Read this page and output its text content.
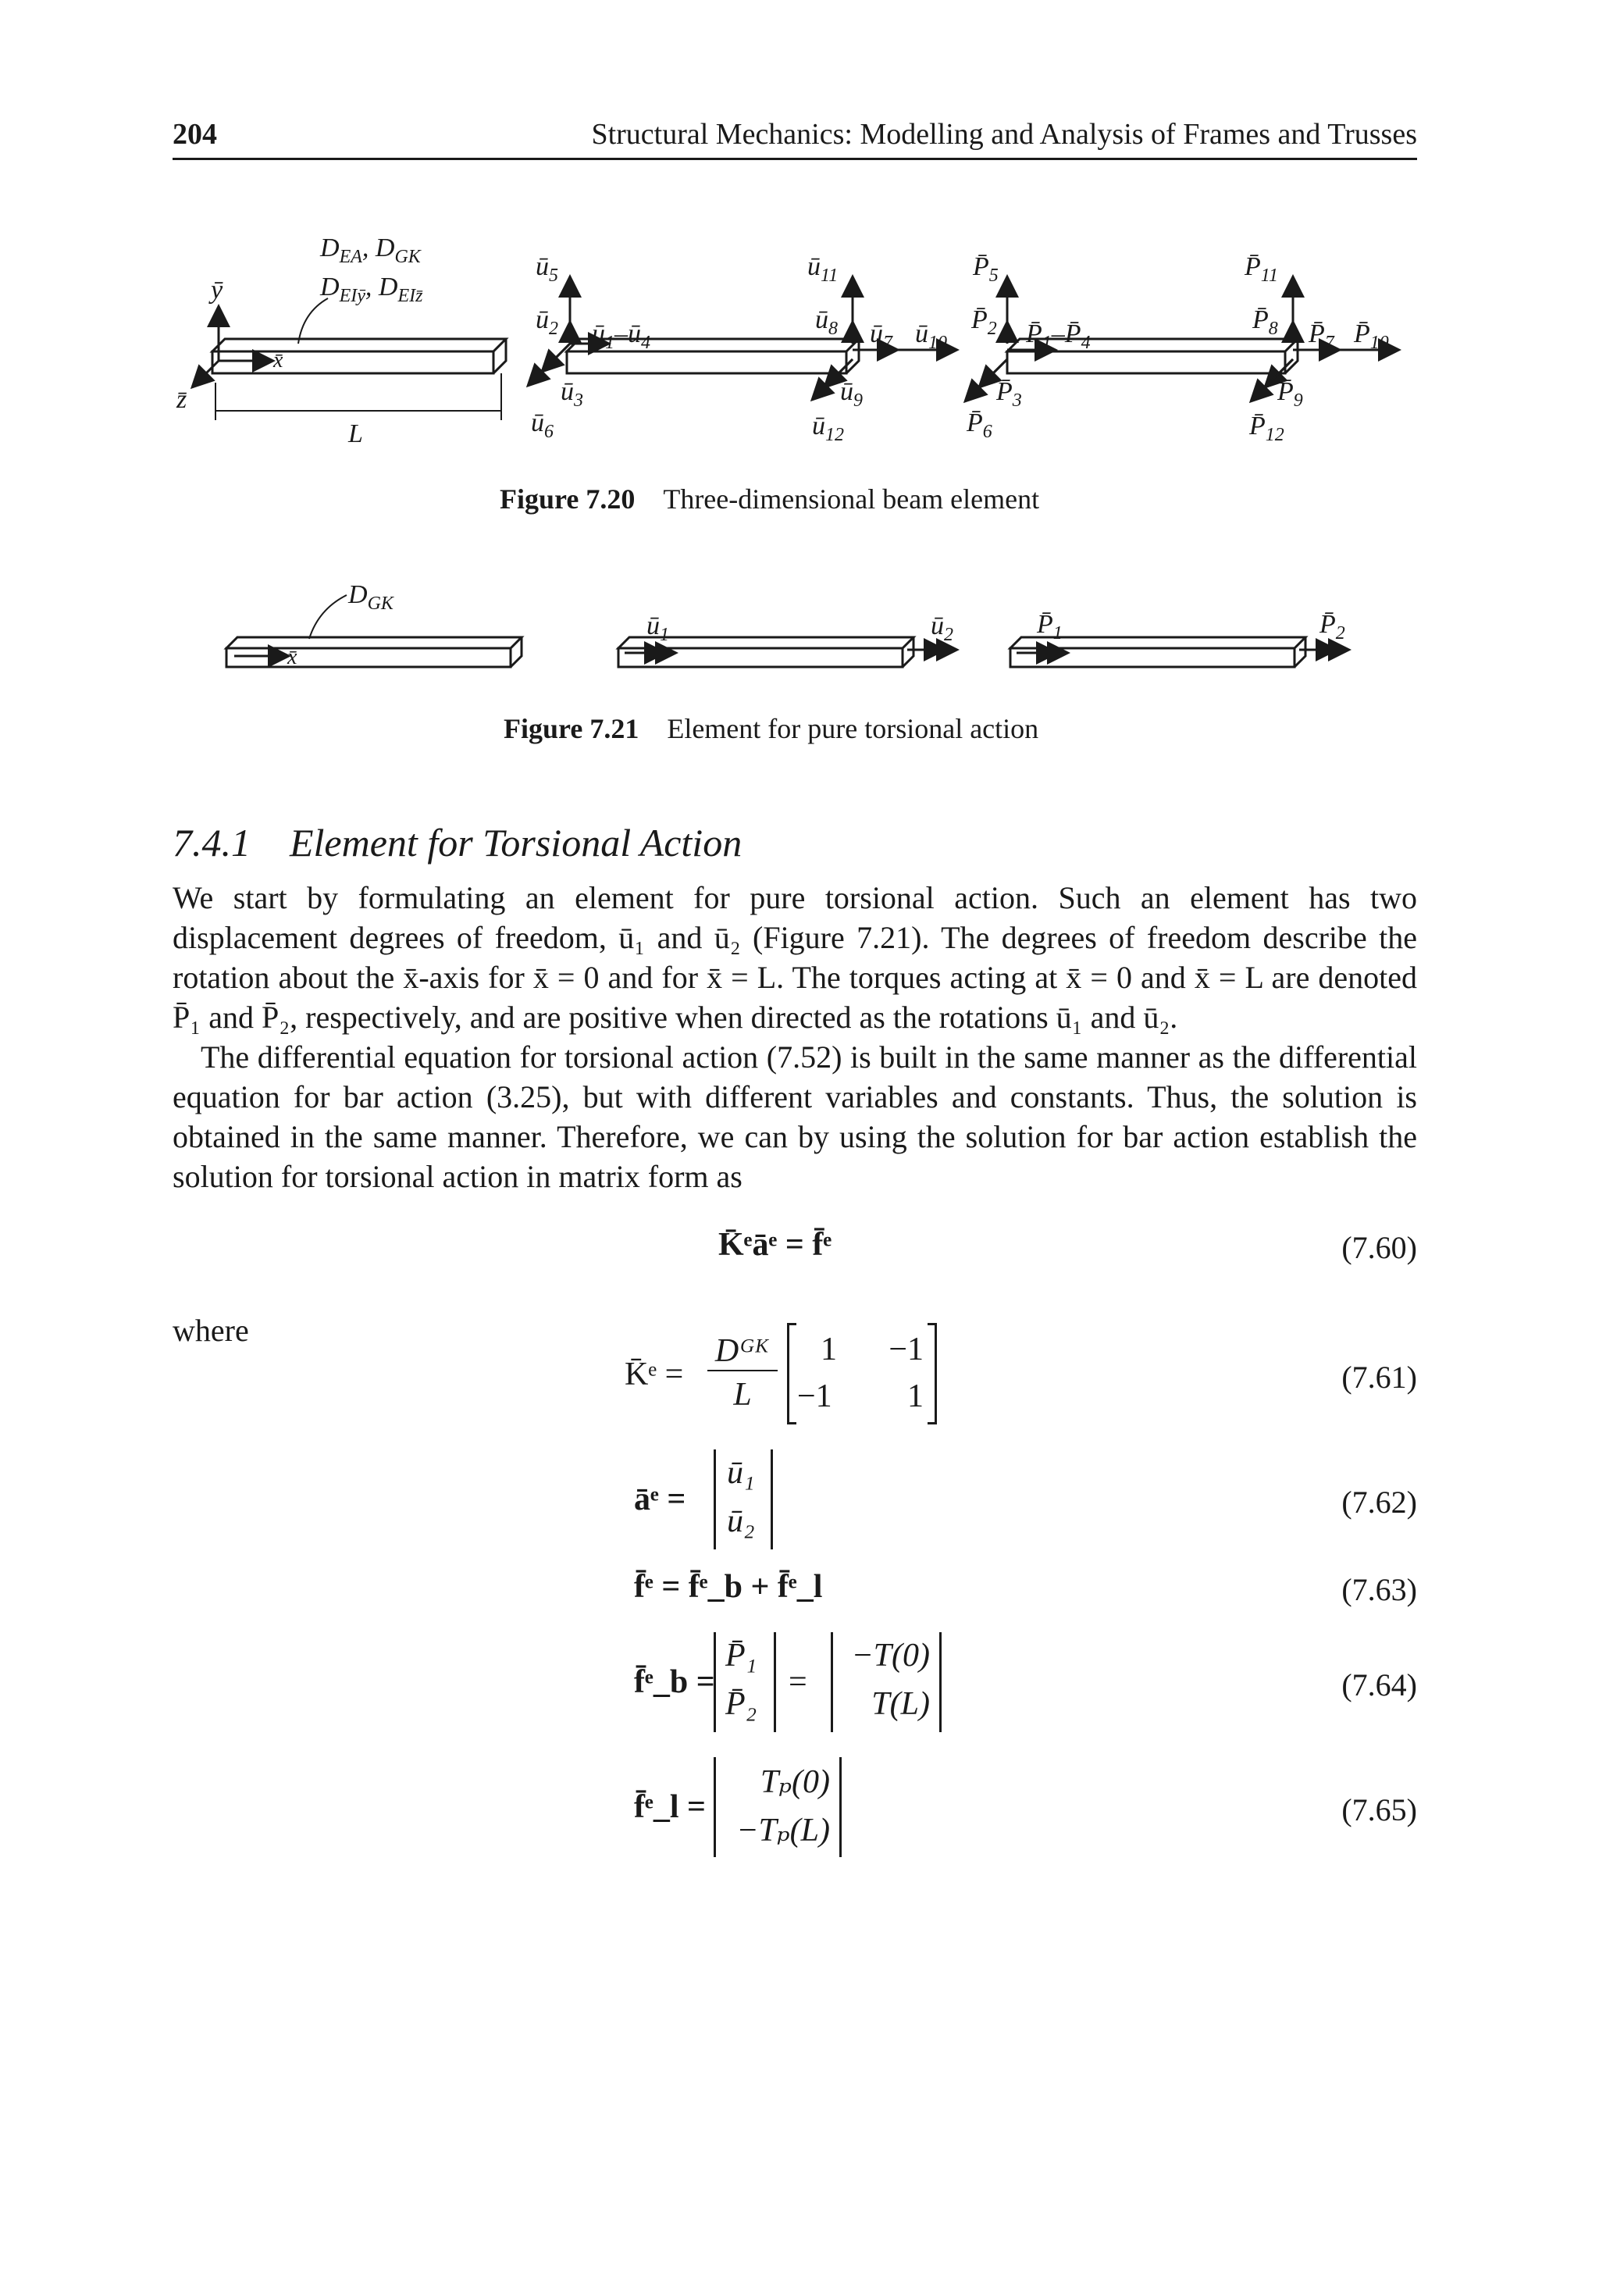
204	Structural Mechanics: Modelling and Analysis of Frames and Trusses
$D_{EA}$, $D_{GK}$
$D_{EIȳ}$, $D_{EIz̄}$
ȳ
x̄
z̄
L
$ū_5$
$ū_2$ $ū_1-ū_4$
$ū_3$
$ū_6$
$ū_{11}$
$ū_8$ $ū_7$ $ū_{10}$
$ū_9$
$ū_{12}$
$P̄_5$
$P̄_2$ $P̄_1-P̄_4$
$P̄_3$
$P̄_6$
$P̄_{11}$
$P̄_8$ $P̄_7$ $P̄_{10}$
$P̄_9$
$P̄_{12}$
$D_{GK}$
x̄
$ū_1$	$ū_2$	$P̄_1$	$P̄_2$
Figure 7.20 Three-dimensional beam element
Figure 7.21 Element for pure torsional action
7.4.1 Element for Torsional Action

We start by formulating an element for pure torsional action. Such an element has two displacement degrees of freedom, ū₁ and ū₂ (Figure 7.21). The degrees of freedom describe the rotation about the x̄-axis for x̄ = 0 and for x̄ = L. The torques acting at x̄ = 0 and x̄ = L are denoted P̄₁ and P̄₂, respectively, and are positive when directed as the rotations ū₁ and ū₂.

The differential equation for torsional action (7.52) is built in the same manner as the differential equation for bar action (3.25), but with different variables and constants. Thus, the solution is obtained in the same manner. Therefore, we can by using the solution for bar action establish the solution for torsional action in matrix form as

K̄ᵉāᵉ = f̄ᵉ	(7.60)
where
K̄ᵉ =
Dᴳᴷ
L
1 −1
−1 1
(7.61)
āᵉ =
ū₁
ū₂
(7.62)
f̄ᵉ = f̄ᵉ_b + f̄ᵉ_l	(7.63)
f̄ᵉ_b =
P̄₁
P̄₂
=
−T(0)
T(L)
(7.64)
f̄ᵉ_l =
Tₚ(0)
−Tₚ(L)
(7.65)
